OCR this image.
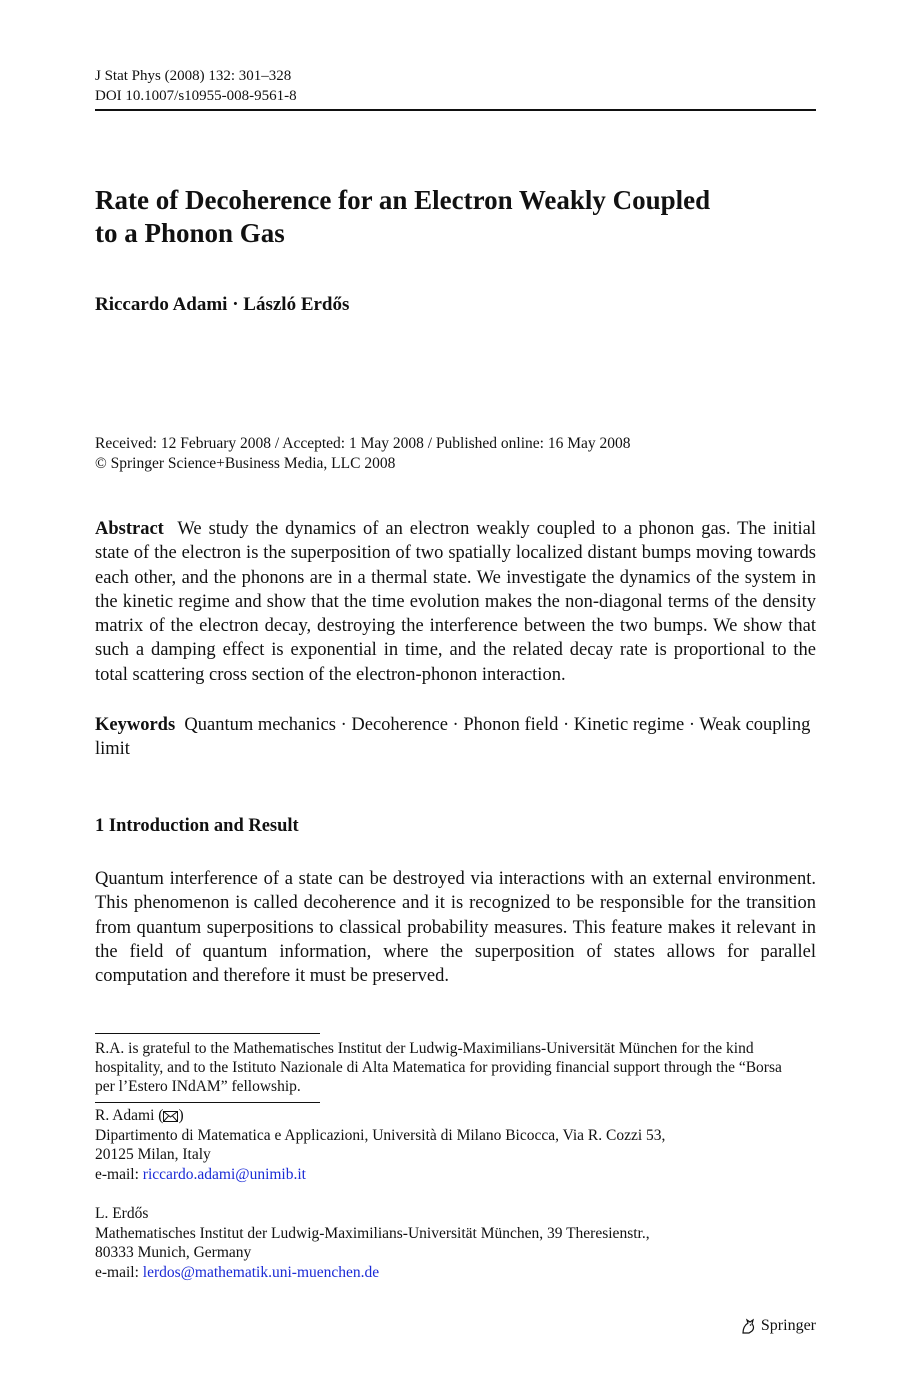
J Stat Phys (2008) 132: 301–328
DOI 10.1007/s10955-008-9561-8
Rate of Decoherence for an Electron Weakly Coupled
to a Phonon Gas
Riccardo Adami · László Erdős
Received: 12 February 2008 / Accepted: 1 May 2008 / Published online: 16 May 2008
© Springer Science+Business Media, LLC 2008
Abstract We study the dynamics of an electron weakly coupled to a phonon gas. The initial state of the electron is the superposition of two spatially localized distant bumps moving towards each other, and the phonons are in a thermal state. We investigate the dynamics of the system in the kinetic regime and show that the time evolution makes the non-diagonal terms of the density matrix of the electron decay, destroying the interference between the two bumps. We show that such a damping effect is exponential in time, and the related decay rate is proportional to the total scattering cross section of the electron-phonon interaction.
Keywords Quantum mechanics · Decoherence · Phonon field · Kinetic regime · Weak coupling limit
1 Introduction and Result
Quantum interference of a state can be destroyed via interactions with an external environment. This phenomenon is called decoherence and it is recognized to be responsible for the transition from quantum superpositions to classical probability measures. This feature makes it relevant in the field of quantum information, where the superposition of states allows for parallel computation and therefore it must be preserved.
R.A. is grateful to the Mathematisches Institut der Ludwig-Maximilians-Universität München for the kind hospitality, and to the Istituto Nazionale di Alta Matematica for providing financial support through the “Borsa per l’Estero INdAM” fellowship.
R. Adami ( )
Dipartimento di Matematica e Applicazioni, Università di Milano Bicocca, Via R. Cozzi 53,
20125 Milan, Italy
e-mail: riccardo.adami@unimib.it
L. Erdős
Mathematisches Institut der Ludwig-Maximilians-Universität München, 39 Theresienstr.,
80333 Munich, Germany
e-mail: lerdos@mathematik.uni-muenchen.de
Springer
